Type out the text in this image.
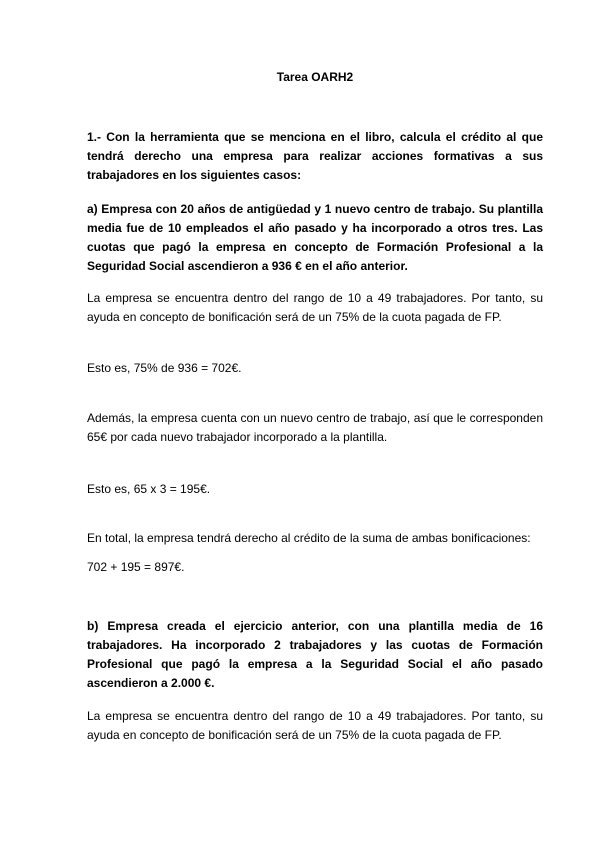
Tarea OARH2

1.- Con la herramienta que se menciona en el libro, calcula el crédito al que tendrá derecho una empresa para realizar acciones formativas a sus trabajadores en los siguientes casos:

a) Empresa con 20 años de antigüedad y 1 nuevo centro de trabajo. Su plantilla media fue de 10 empleados el año pasado y ha incorporado a otros tres. Las cuotas que pagó la empresa en concepto de Formación Profesional a la Seguridad Social ascendieron a 936 € en el año anterior.

La empresa se encuentra dentro del rango de 10 a 49 trabajadores. Por tanto, su ayuda en concepto de bonificación será de un 75% de la cuota pagada de FP.

Esto es, 75% de 936 = 702€.

Además, la empresa cuenta con un nuevo centro de trabajo, así que le corresponden 65€ por cada nuevo trabajador incorporado a la plantilla.

Esto es, 65 x 3 = 195€.

En total, la empresa tendrá derecho al crédito de la suma de ambas bonificaciones:

702 + 195 = 897€.

b) Empresa creada el ejercicio anterior, con una plantilla media de 16 trabajadores. Ha incorporado 2 trabajadores y las cuotas de Formación Profesional que pagó la empresa a la Seguridad Social el año pasado ascendieron a 2.000 €.

La empresa se encuentra dentro del rango de 10 a 49 trabajadores. Por tanto, su ayuda en concepto de bonificación será de un 75% de la cuota pagada de FP.
